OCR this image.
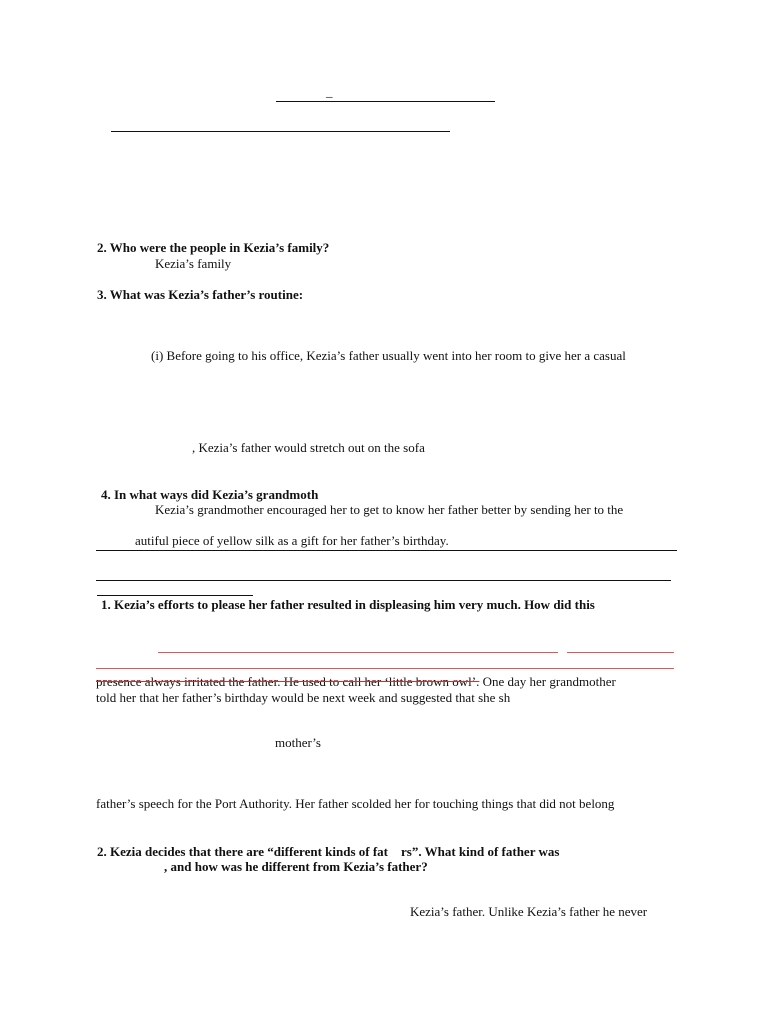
_
2. Who were the people in Kezia’s family?
Kezia’s family
3. What was Kezia’s father’s routine:
(i) Before going to his office, Kezia’s father usually went into her room to give her a casual
, Kezia’s father would stretch out on the sofa
4. In what ways did Kezia’s grandmoth
Kezia’s grandmother encouraged her to get to know her father better by sending her to the
autiful piece of yellow silk as a gift for her father’s birthday.
1. Kezia’s efforts to please her father resulted in displeasing him very much. How did this
presence always irritated the father. He used to call her ‘little brown owl’. One day her grandmother
told her that her father’s birthday would be next week and suggested that she sh
mother’s
father’s speech for the Port Authority. Her father scolded her for touching things that did not belong
2. Kezia decides that there are “different kinds of fat    rs”. What kind of father was
, and how was he different from Kezia’s father?
Kezia’s father. Unlike Kezia’s father he never
